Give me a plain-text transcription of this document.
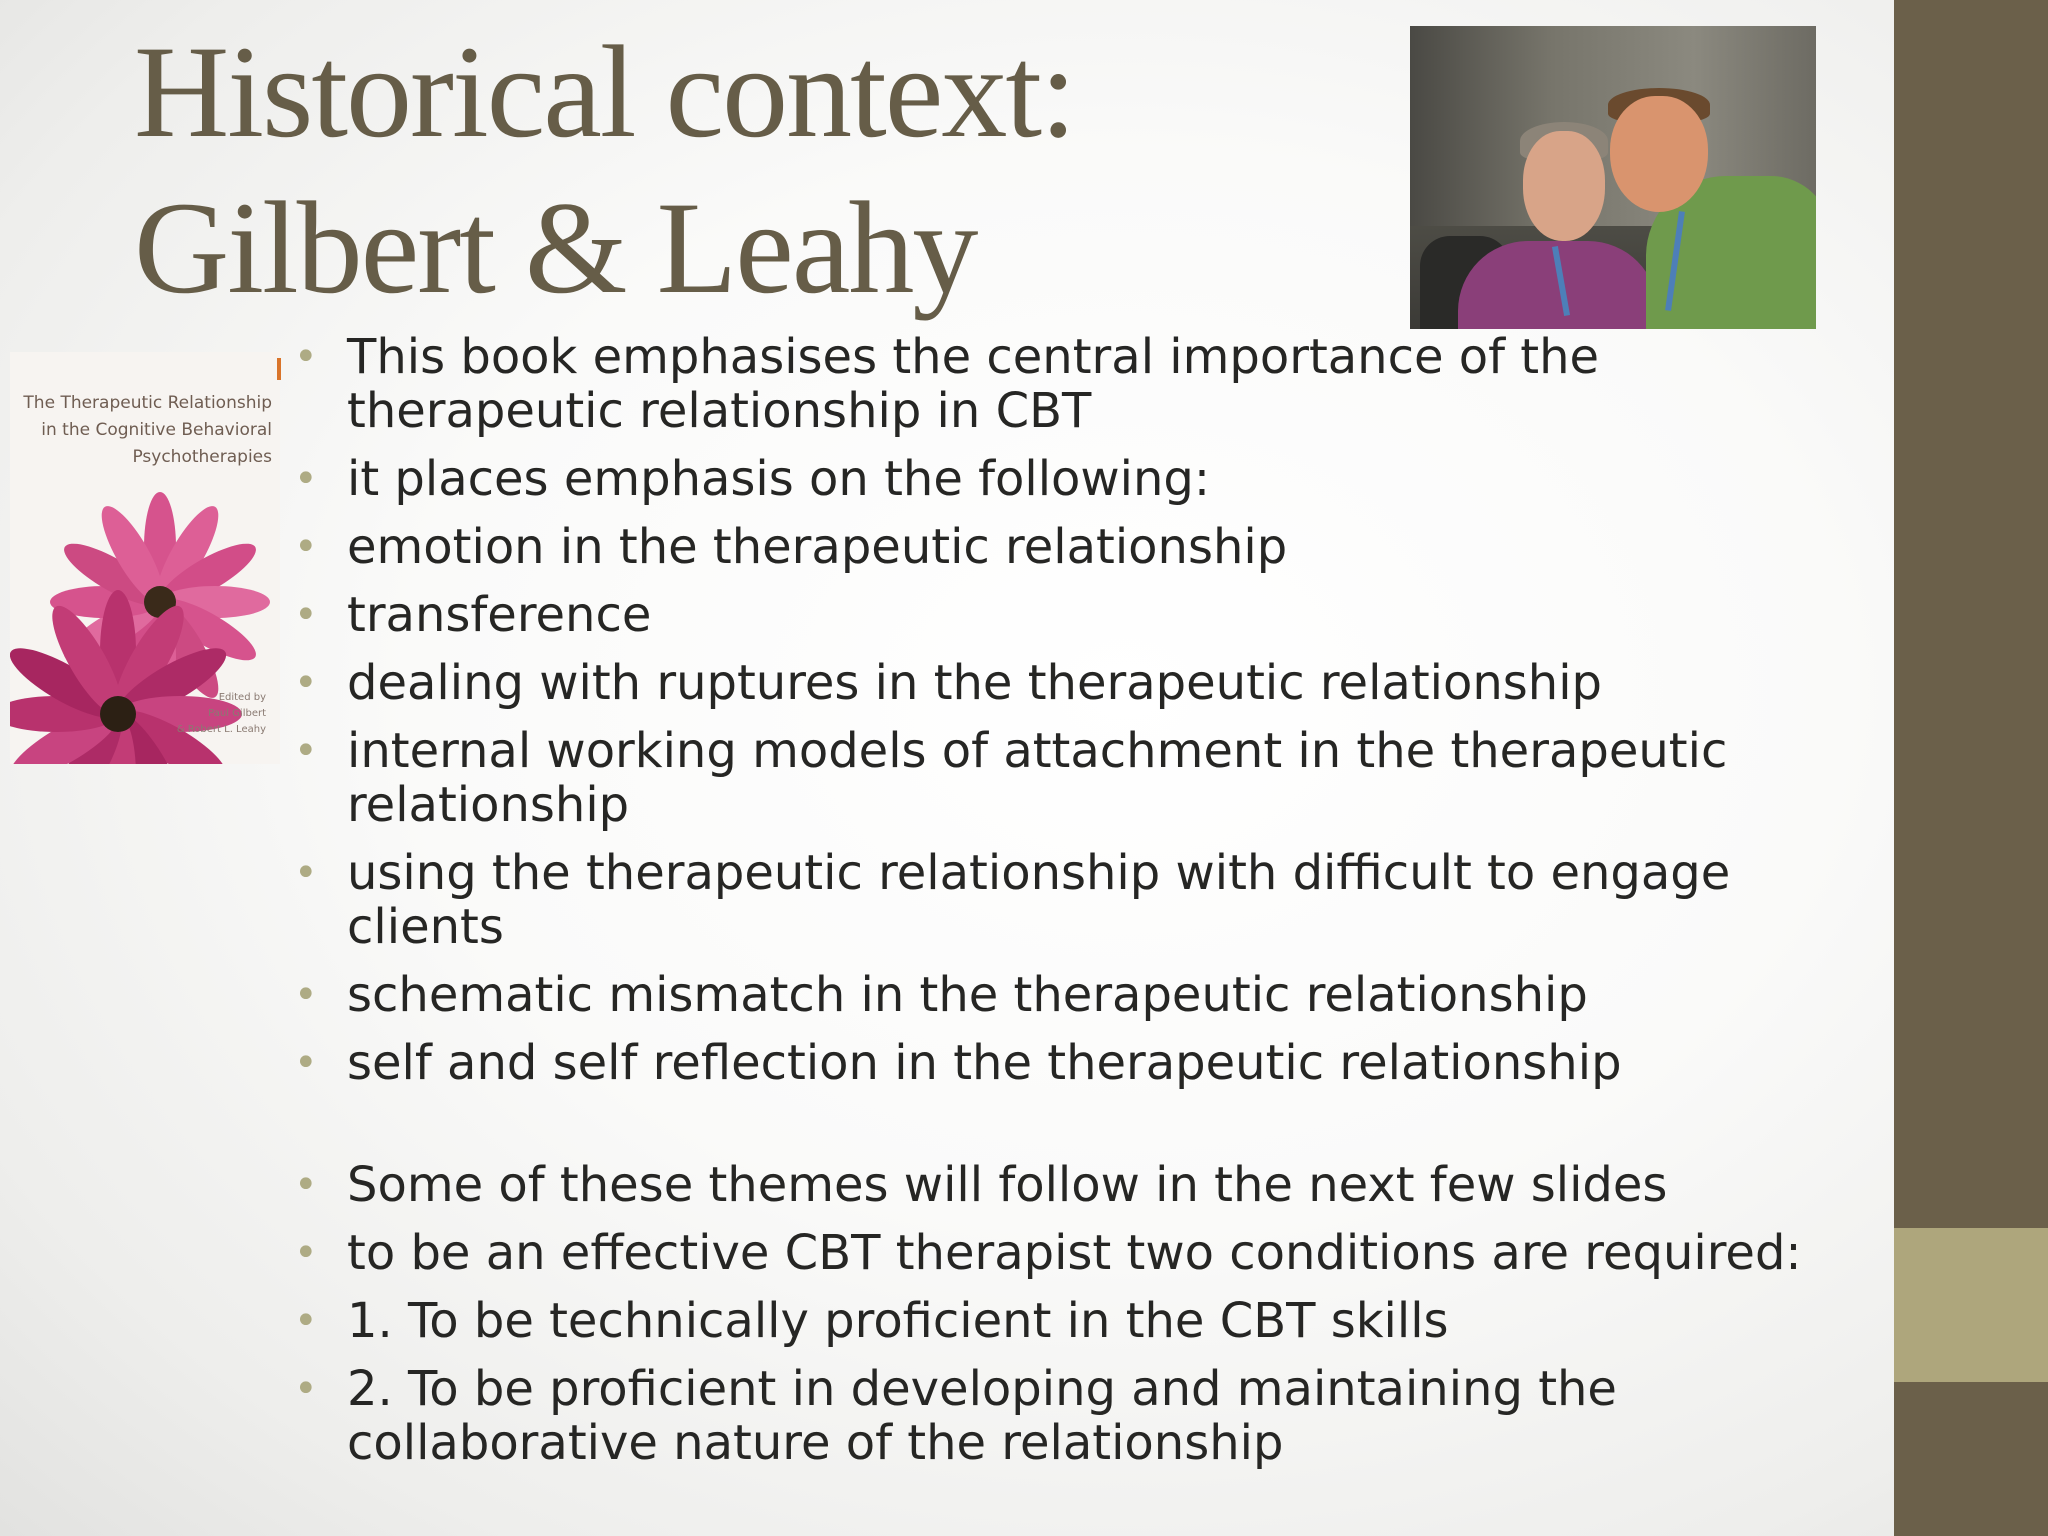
Historical context:
Gilbert & Leahy
The Therapeutic Relationship
in the Cognitive Behavioral
Psychotherapies
Edited by
Paul Gilbert
& Robert L. Leahy
• This book emphasises the central importance of the therapeutic relationship in CBT
• it places emphasis on the following:
• emotion in the therapeutic relationship
• transference
• dealing with ruptures in the therapeutic relationship
• internal working models of attachment in the therapeutic relationship
• using the therapeutic relationship with difficult to engage clients
• schematic mismatch in the therapeutic relationship
• self and self reflection in the therapeutic relationship
• Some of these themes will follow in the next few slides
• to be an effective CBT therapist two conditions are required:
• 1. To be technically proficient in the CBT skills
• 2. To be proficient in developing and maintaining the collaborative nature of the relationship
